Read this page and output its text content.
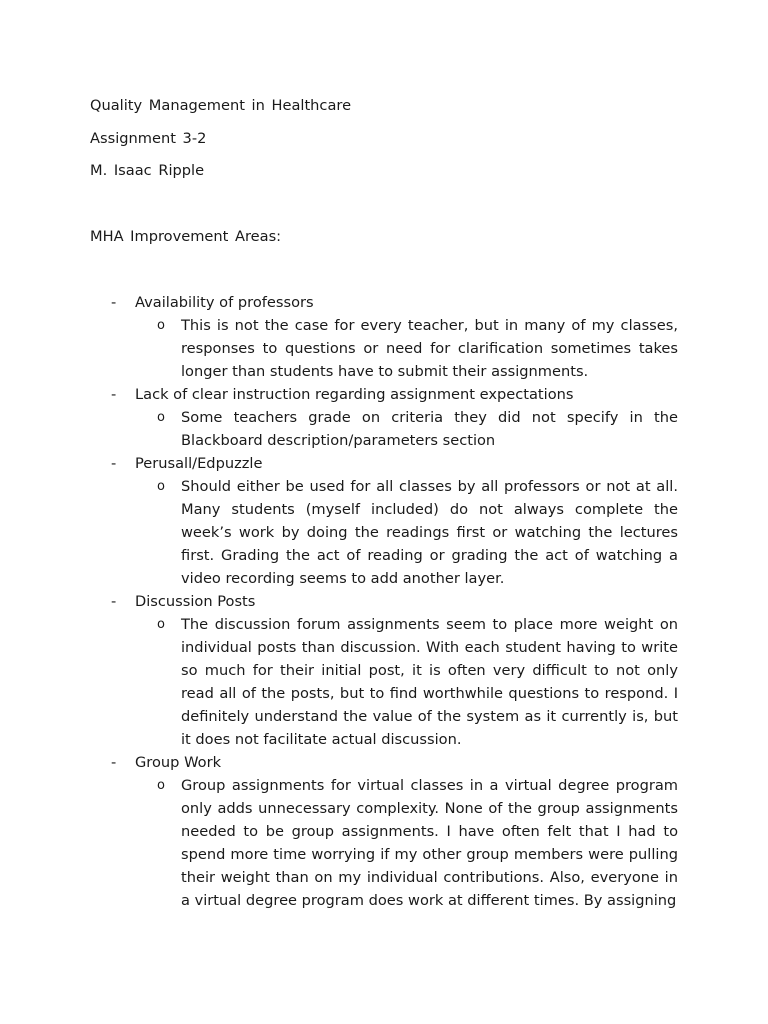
Quality Management in Healthcare
Assignment 3-2
M. Isaac Ripple
MHA Improvement Areas:
- Availability of professors
o This is not the case for every teacher, but in many of my classes, responses to questions or need for clarification sometimes takes longer than students have to submit their assignments.
- Lack of clear instruction regarding assignment expectations
o Some teachers grade on criteria they did not specify in the Blackboard description/parameters section
- Perusall/Edpuzzle
o Should either be used for all classes by all professors or not at all. Many students (myself included) do not always complete the week’s work by doing the readings first or watching the lectures first. Grading the act of reading or grading the act of watching a video recording seems to add another layer.
- Discussion Posts
o The discussion forum assignments seem to place more weight on individual posts than discussion. With each student having to write so much for their initial post, it is often very difficult to not only read all of the posts, but to find worthwhile questions to respond. I definitely understand the value of the system as it currently is, but it does not facilitate actual discussion.
- Group Work
o Group assignments for virtual classes in a virtual degree program only adds unnecessary complexity. None of the group assignments needed to be group assignments. I have often felt that I had to spend more time worrying if my other group members were pulling their weight than on my individual contributions. Also, everyone in a virtual degree program does work at different times. By assigning
